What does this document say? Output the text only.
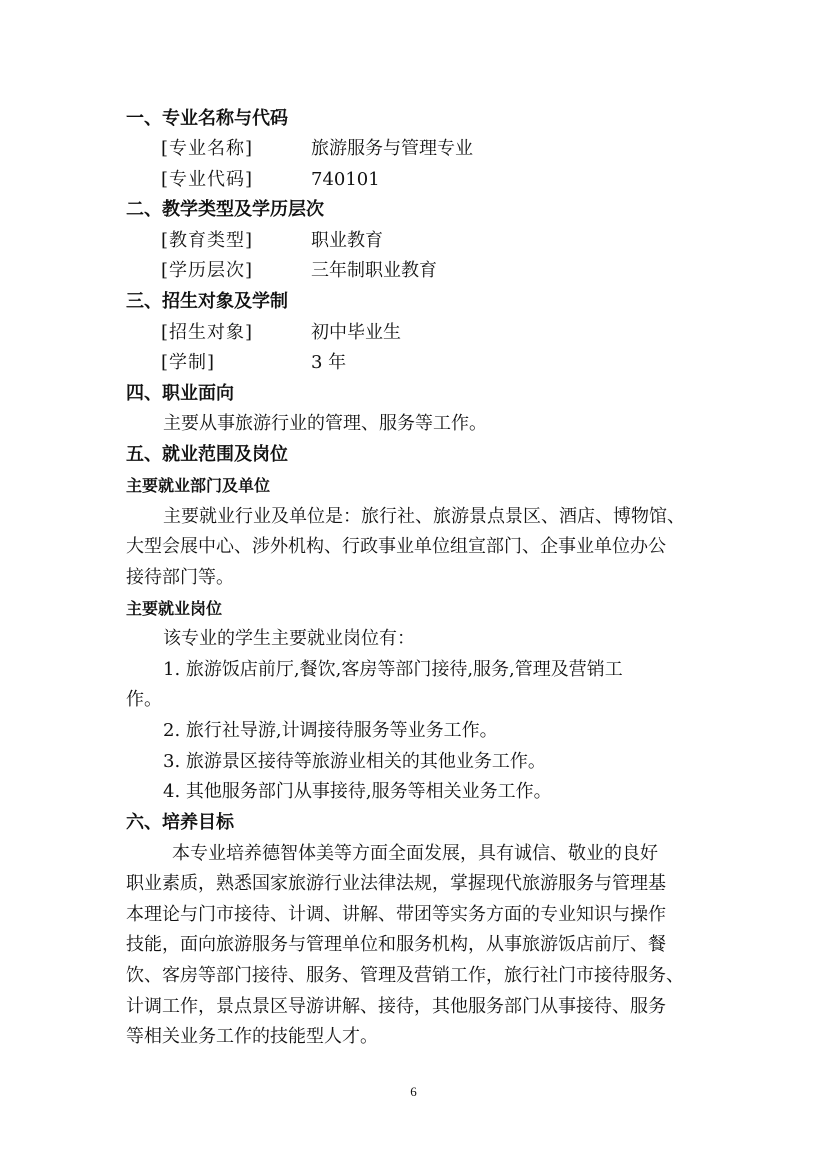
一、专业名称与代码
[专业名称]	旅游服务与管理专业
[专业代码]	740101
二、教学类型及学历层次
[教育类型]	职业教育
[学历层次]	三年制职业教育
三、招生对象及学制
[招生对象]	初中毕业生
[学制]	3 年
四、职业面向
主要从事旅游行业的管理、服务等工作。
五、就业范围及岗位
主要就业部门及单位
主要就业行业及单位是：旅行社、旅游景点景区、酒店、博物馆、
大型会展中心、涉外机构、行政事业单位组宣部门、企事业单位办公
接待部门等。
主要就业岗位
该专业的学生主要就业岗位有：
1. 旅游饭店前厅,餐饮,客房等部门接待,服务,管理及营销工
作。
2. 旅行社导游,计调接待服务等业务工作。
3. 旅游景区接待等旅游业相关的其他业务工作。
4. 其他服务部门从事接待,服务等相关业务工作。
六、培养目标
本专业培养德智体美等方面全面发展，具有诚信、敬业的良好
职业素质，熟悉国家旅游行业法律法规，掌握现代旅游服务与管理基
本理论与门市接待、计调、讲解、带团等实务方面的专业知识与操作
技能，面向旅游服务与管理单位和服务机构，从事旅游饭店前厅、餐
饮、客房等部门接待、服务、管理及营销工作，旅行社门市接待服务、
计调工作，景点景区导游讲解、接待，其他服务部门从事接待、服务
等相关业务工作的技能型人才。
6
